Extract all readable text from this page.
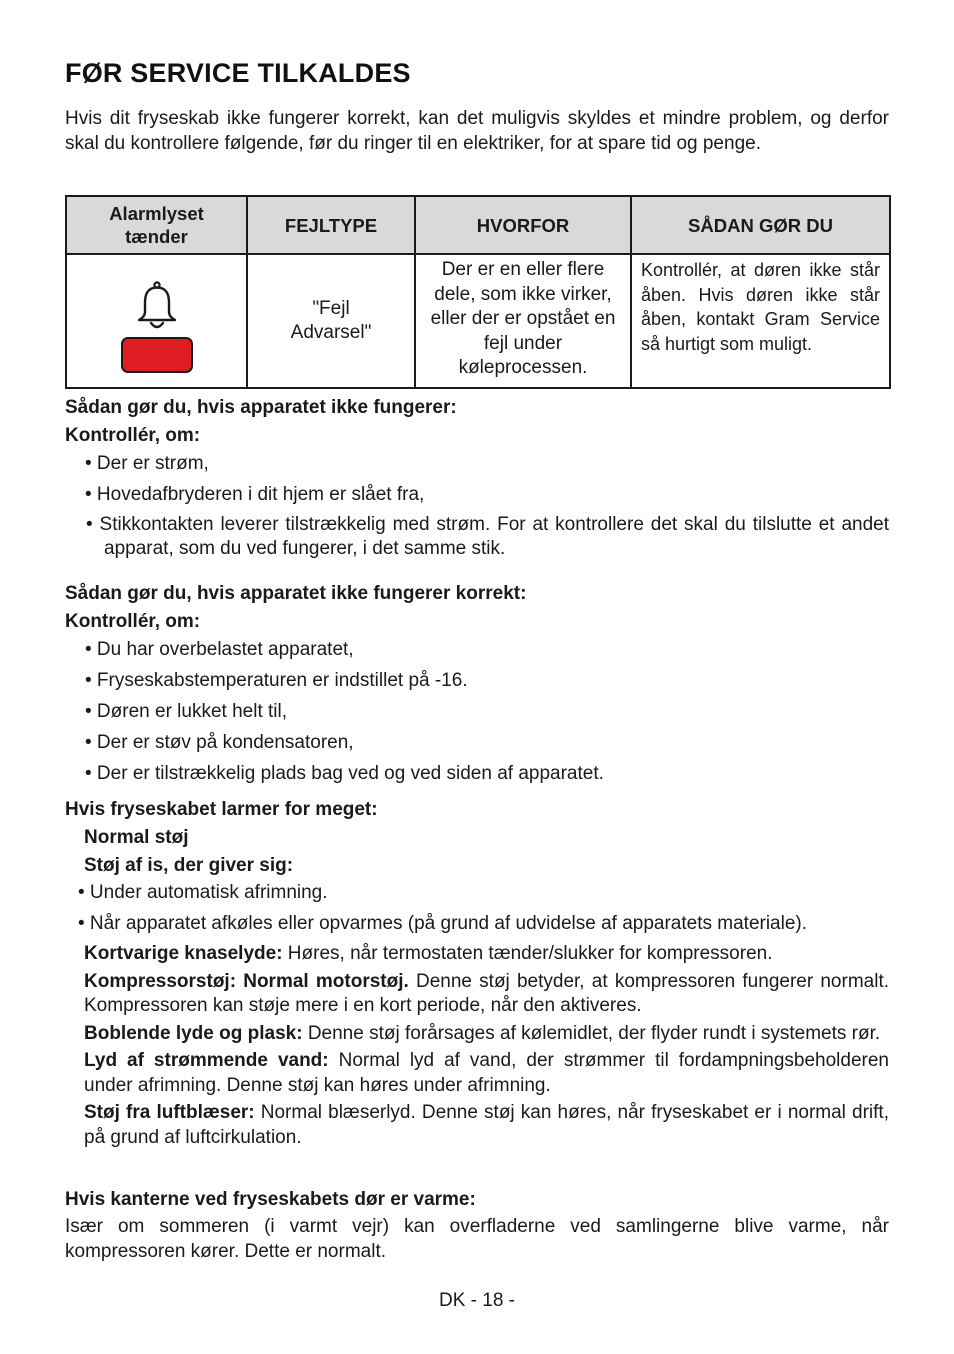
FØR SERVICE TILKALDES

Hvis dit fryseskab ikke fungerer korrekt, kan det muligvis skyldes et mindre problem, og derfor skal du kontrollere følgende, før du ringer til en elektriker, for at spare tid og penge.

Alarmlyset tænder	FEJLTYPE	HVORFOR	SÅDAN GØR DU

	"Fejl Advarsel"	Der er en eller flere dele, som ikke virker, eller der er opstået en fejl under køleprocessen.	Kontrollér, at døren ikke står åben. Hvis døren ikke står åben, kontakt Gram Service så hurtigt som muligt.
Sådan gør du, hvis apparatet ikke fungerer:
Kontrollér, om:
• Der er strøm,
• Hovedafbryderen i dit hjem er slået fra,
• Stikkontakten leverer tilstrækkelig med strøm. For at kontrollere det skal du tilslutte et andet apparat, som du ved fungerer, i det samme stik.
Sådan gør du, hvis apparatet ikke fungerer korrekt:
Kontrollér, om:
• Du har overbelastet apparatet,
• Fryseskabstemperaturen er indstillet på -16.
• Døren er lukket helt til,
• Der er støv på kondensatoren,
• Der er tilstrækkelig plads bag ved og ved siden af apparatet.
Hvis fryseskabet larmer for meget:
Normal støj
Støj af is, der giver sig:
• Under automatisk afrimning.
• Når apparatet afkøles eller opvarmes (på grund af udvidelse af apparatets materiale).
Kortvarige knaselyde: Høres, når termostaten tænder/slukker for kompressoren.
Kompressorstøj: Normal motorstøj. Denne støj betyder, at kompressoren fungerer normalt. Kompressoren kan støje mere i en kort periode, når den aktiveres.
Boblende lyde og plask: Denne støj forårsages af kølemidlet, der flyder rundt i systemets rør.
Lyd af strømmende vand: Normal lyd af vand, der strømmer til fordampningsbeholderen under afrimning. Denne støj kan høres under afrimning.
Støj fra luftblæser: Normal blæserlyd. Denne støj kan høres, når fryseskabet er i normal drift, på grund af luftcirkulation.
Hvis kanterne ved fryseskabets dør er varme:
Især om sommeren (i varmt vejr) kan overfladerne ved samlingerne blive varme, når kompressoren kører. Dette er normalt.
DK - 18 -
